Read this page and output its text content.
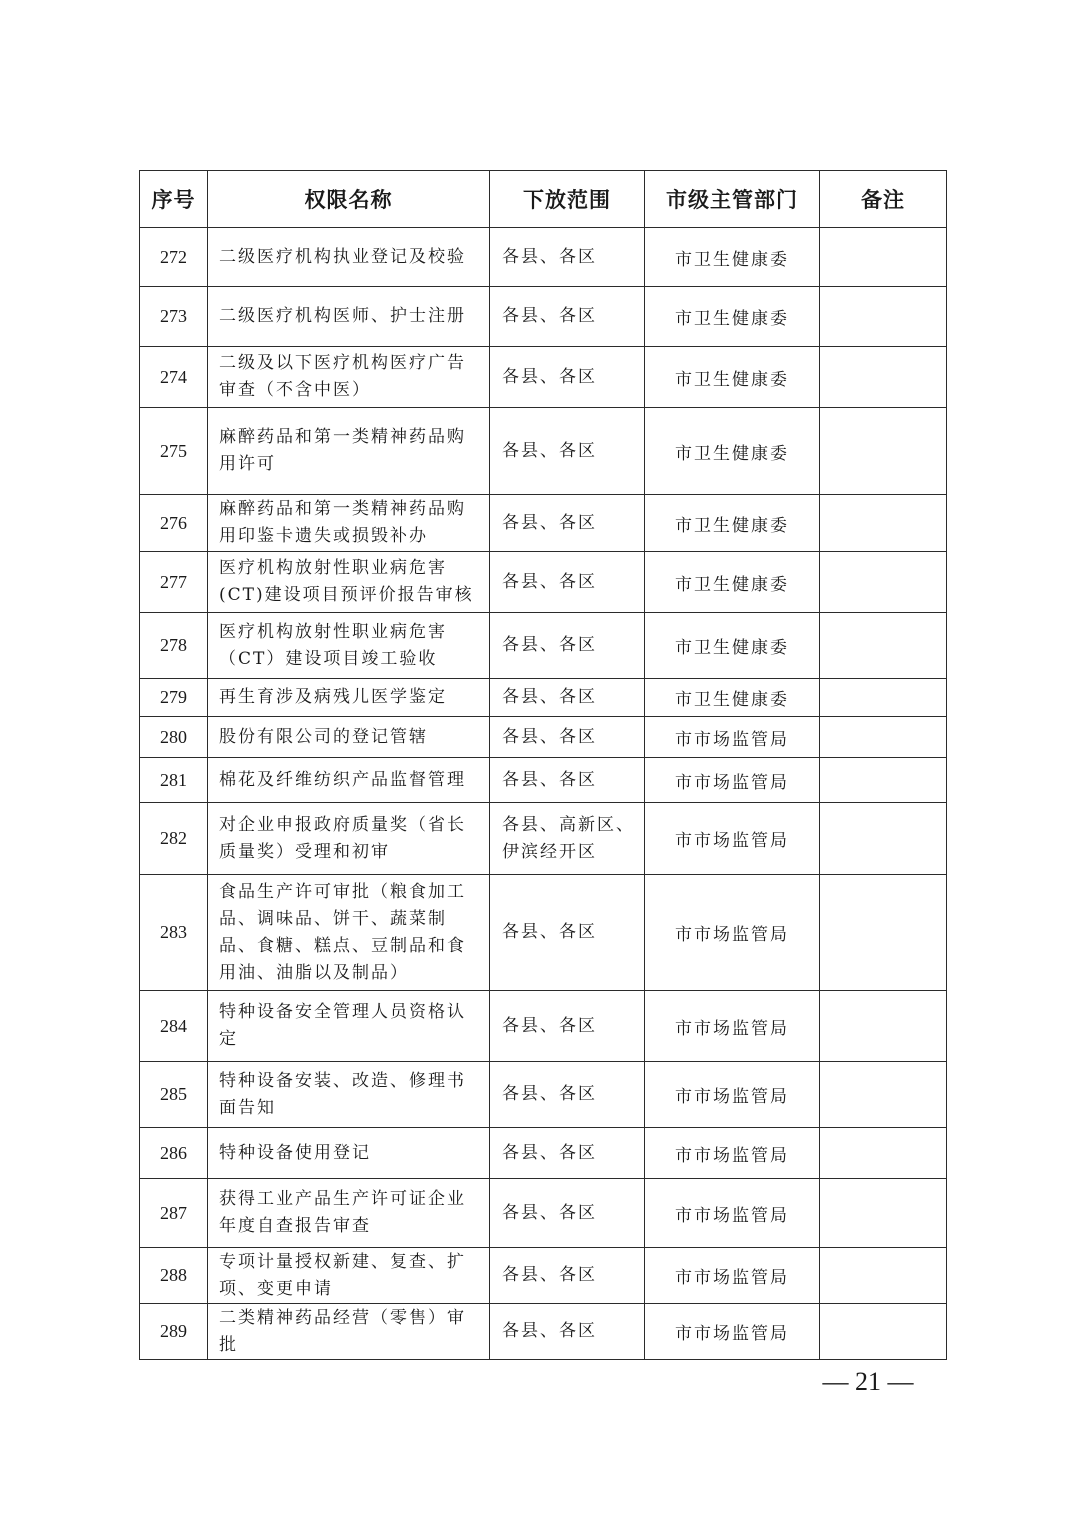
序号	权限名称	下放范围	市级主管部门	备注
272	二级医疗机构执业登记及校验	各县、各区	市卫生健康委	
273	二级医疗机构医师、护士注册	各县、各区	市卫生健康委	
274	二级及以下医疗机构医疗广告审查（不含中医）	各县、各区	市卫生健康委	
275	麻醉药品和第一类精神药品购用许可	各县、各区	市卫生健康委	
276	麻醉药品和第一类精神药品购用印鉴卡遗失或损毁补办	各县、各区	市卫生健康委	
277	医疗机构放射性职业病危害(CT)建设项目预评价报告审核	各县、各区	市卫生健康委	
278	医疗机构放射性职业病危害（CT）建设项目竣工验收	各县、各区	市卫生健康委	
279	再生育涉及病残儿医学鉴定	各县、各区	市卫生健康委	
280	股份有限公司的登记管辖	各县、各区	市市场监管局	
281	棉花及纤维纺织产品监督管理	各县、各区	市市场监管局	
282	对企业申报政府质量奖（省长质量奖）受理和初审	各县、高新区、伊滨经开区	市市场监管局	
283	食品生产许可审批（粮食加工品、调味品、饼干、蔬菜制品、食糖、糕点、豆制品和食用油、油脂以及制品）	各县、各区	市市场监管局	
284	特种设备安全管理人员资格认定	各县、各区	市市场监管局	
285	特种设备安装、改造、修理书面告知	各县、各区	市市场监管局	
286	特种设备使用登记	各县、各区	市市场监管局	
287	获得工业产品生产许可证企业年度自查报告审查	各县、各区	市市场监管局	
288	专项计量授权新建、复查、扩项、变更申请	各县、各区	市市场监管局	
289	二类精神药品经营（零售）审批	各县、各区	市市场监管局	
— 21 —
